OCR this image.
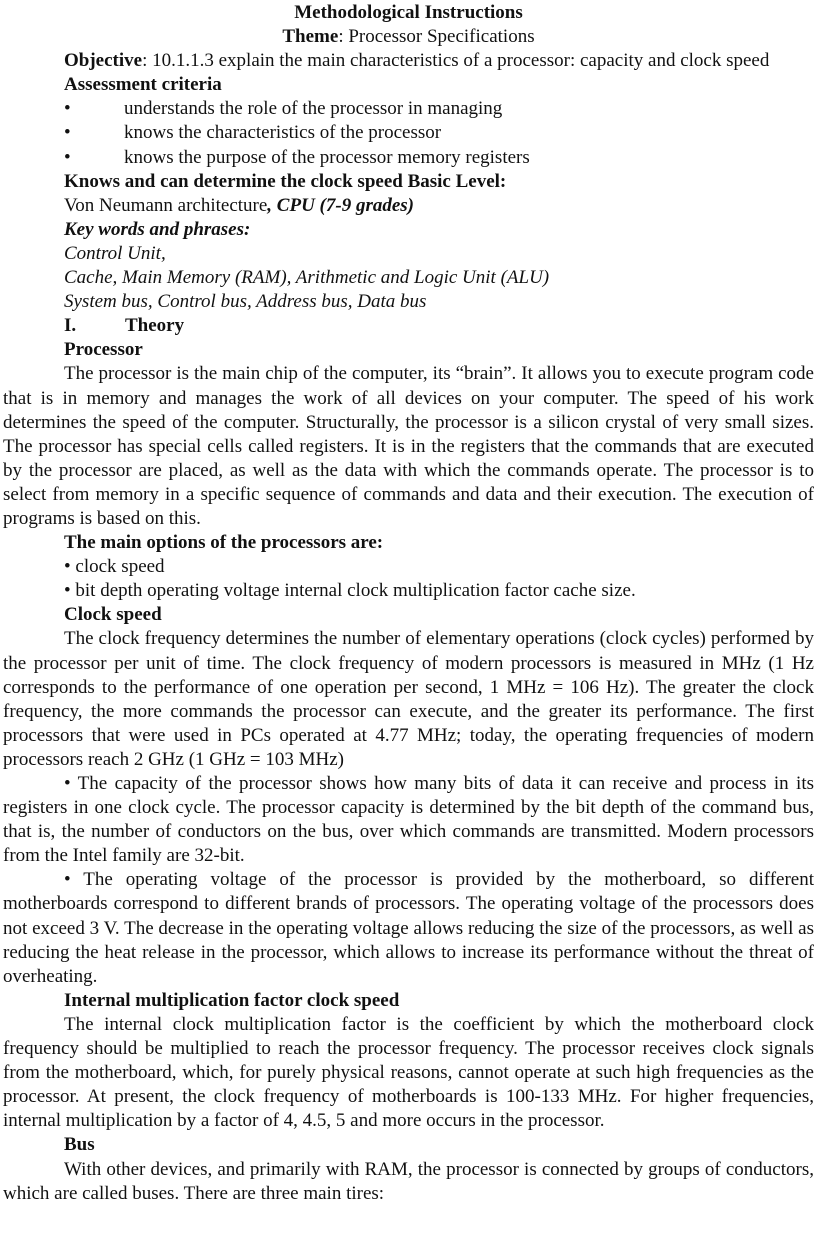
Methodological Instructions

Theme: Processor Specifications

Objective: 10.1.1.3 explain the main characteristics of a processor: capacity and clock speed

Assessment criteria

•	understands the role of the processor in managing
•	knows the characteristics of the processor
•	knows the purpose of the processor memory registers

Knows and can determine the clock speed Basic Level:

Von Neumann architecture, CPU (7-9 grades)

Key words and phrases:

Control Unit,

Cache, Main Memory (RAM), Arithmetic and Logic Unit (ALU)

System bus, Control bus, Address bus, Data bus

I.	Theory

Processor

The processor is the main chip of the computer, its “brain”. It allows you to execute program code that is in memory and manages the work of all devices on your computer. The speed of his work determines the speed of the computer. Structurally, the processor is a silicon crystal of very small sizes. The processor has special cells called registers. It is in the registers that the commands that are executed by the processor are placed, as well as the data with which the commands operate. The processor is to select from memory in a specific sequence of commands and data and their execution. The execution of programs is based on this.

The main options of the processors are:

• clock speed

• bit depth operating voltage internal clock multiplication factor cache size.

Clock speed

The clock frequency determines the number of elementary operations (clock cycles) performed by the processor per unit of time. The clock frequency of modern processors is measured in MHz (1 Hz corresponds to the performance of one operation per second, 1 MHz = 106 Hz). The greater the clock frequency, the more commands the processor can execute, and the greater its performance. The first processors that were used in PCs operated at 4.77 MHz; today, the operating frequencies of modern processors reach 2 GHz (1 GHz = 103 MHz)

• The capacity of the processor shows how many bits of data it can receive and process in its registers in one clock cycle. The processor capacity is determined by the bit depth of the command bus, that is, the number of conductors on the bus, over which commands are transmitted. Modern processors from the Intel family are 32-bit.

• The operating voltage of the processor is provided by the motherboard, so different motherboards correspond to different brands of processors. The operating voltage of the processors does not exceed 3 V. The decrease in the operating voltage allows reducing the size of the processors, as well as reducing the heat release in the processor, which allows to increase its performance without the threat of overheating.

Internal multiplication factor clock speed

The internal clock multiplication factor is the coefficient by which the motherboard clock frequency should be multiplied to reach the processor frequency. The processor receives clock signals from the motherboard, which, for purely physical reasons, cannot operate at such high frequencies as the processor. At present, the clock frequency of motherboards is 100-133 MHz. For higher frequencies, internal multiplication by a factor of 4, 4.5, 5 and more occurs in the processor.

Bus

With other devices, and primarily with RAM, the processor is connected by groups of conductors, which are called buses. There are three main tires:
